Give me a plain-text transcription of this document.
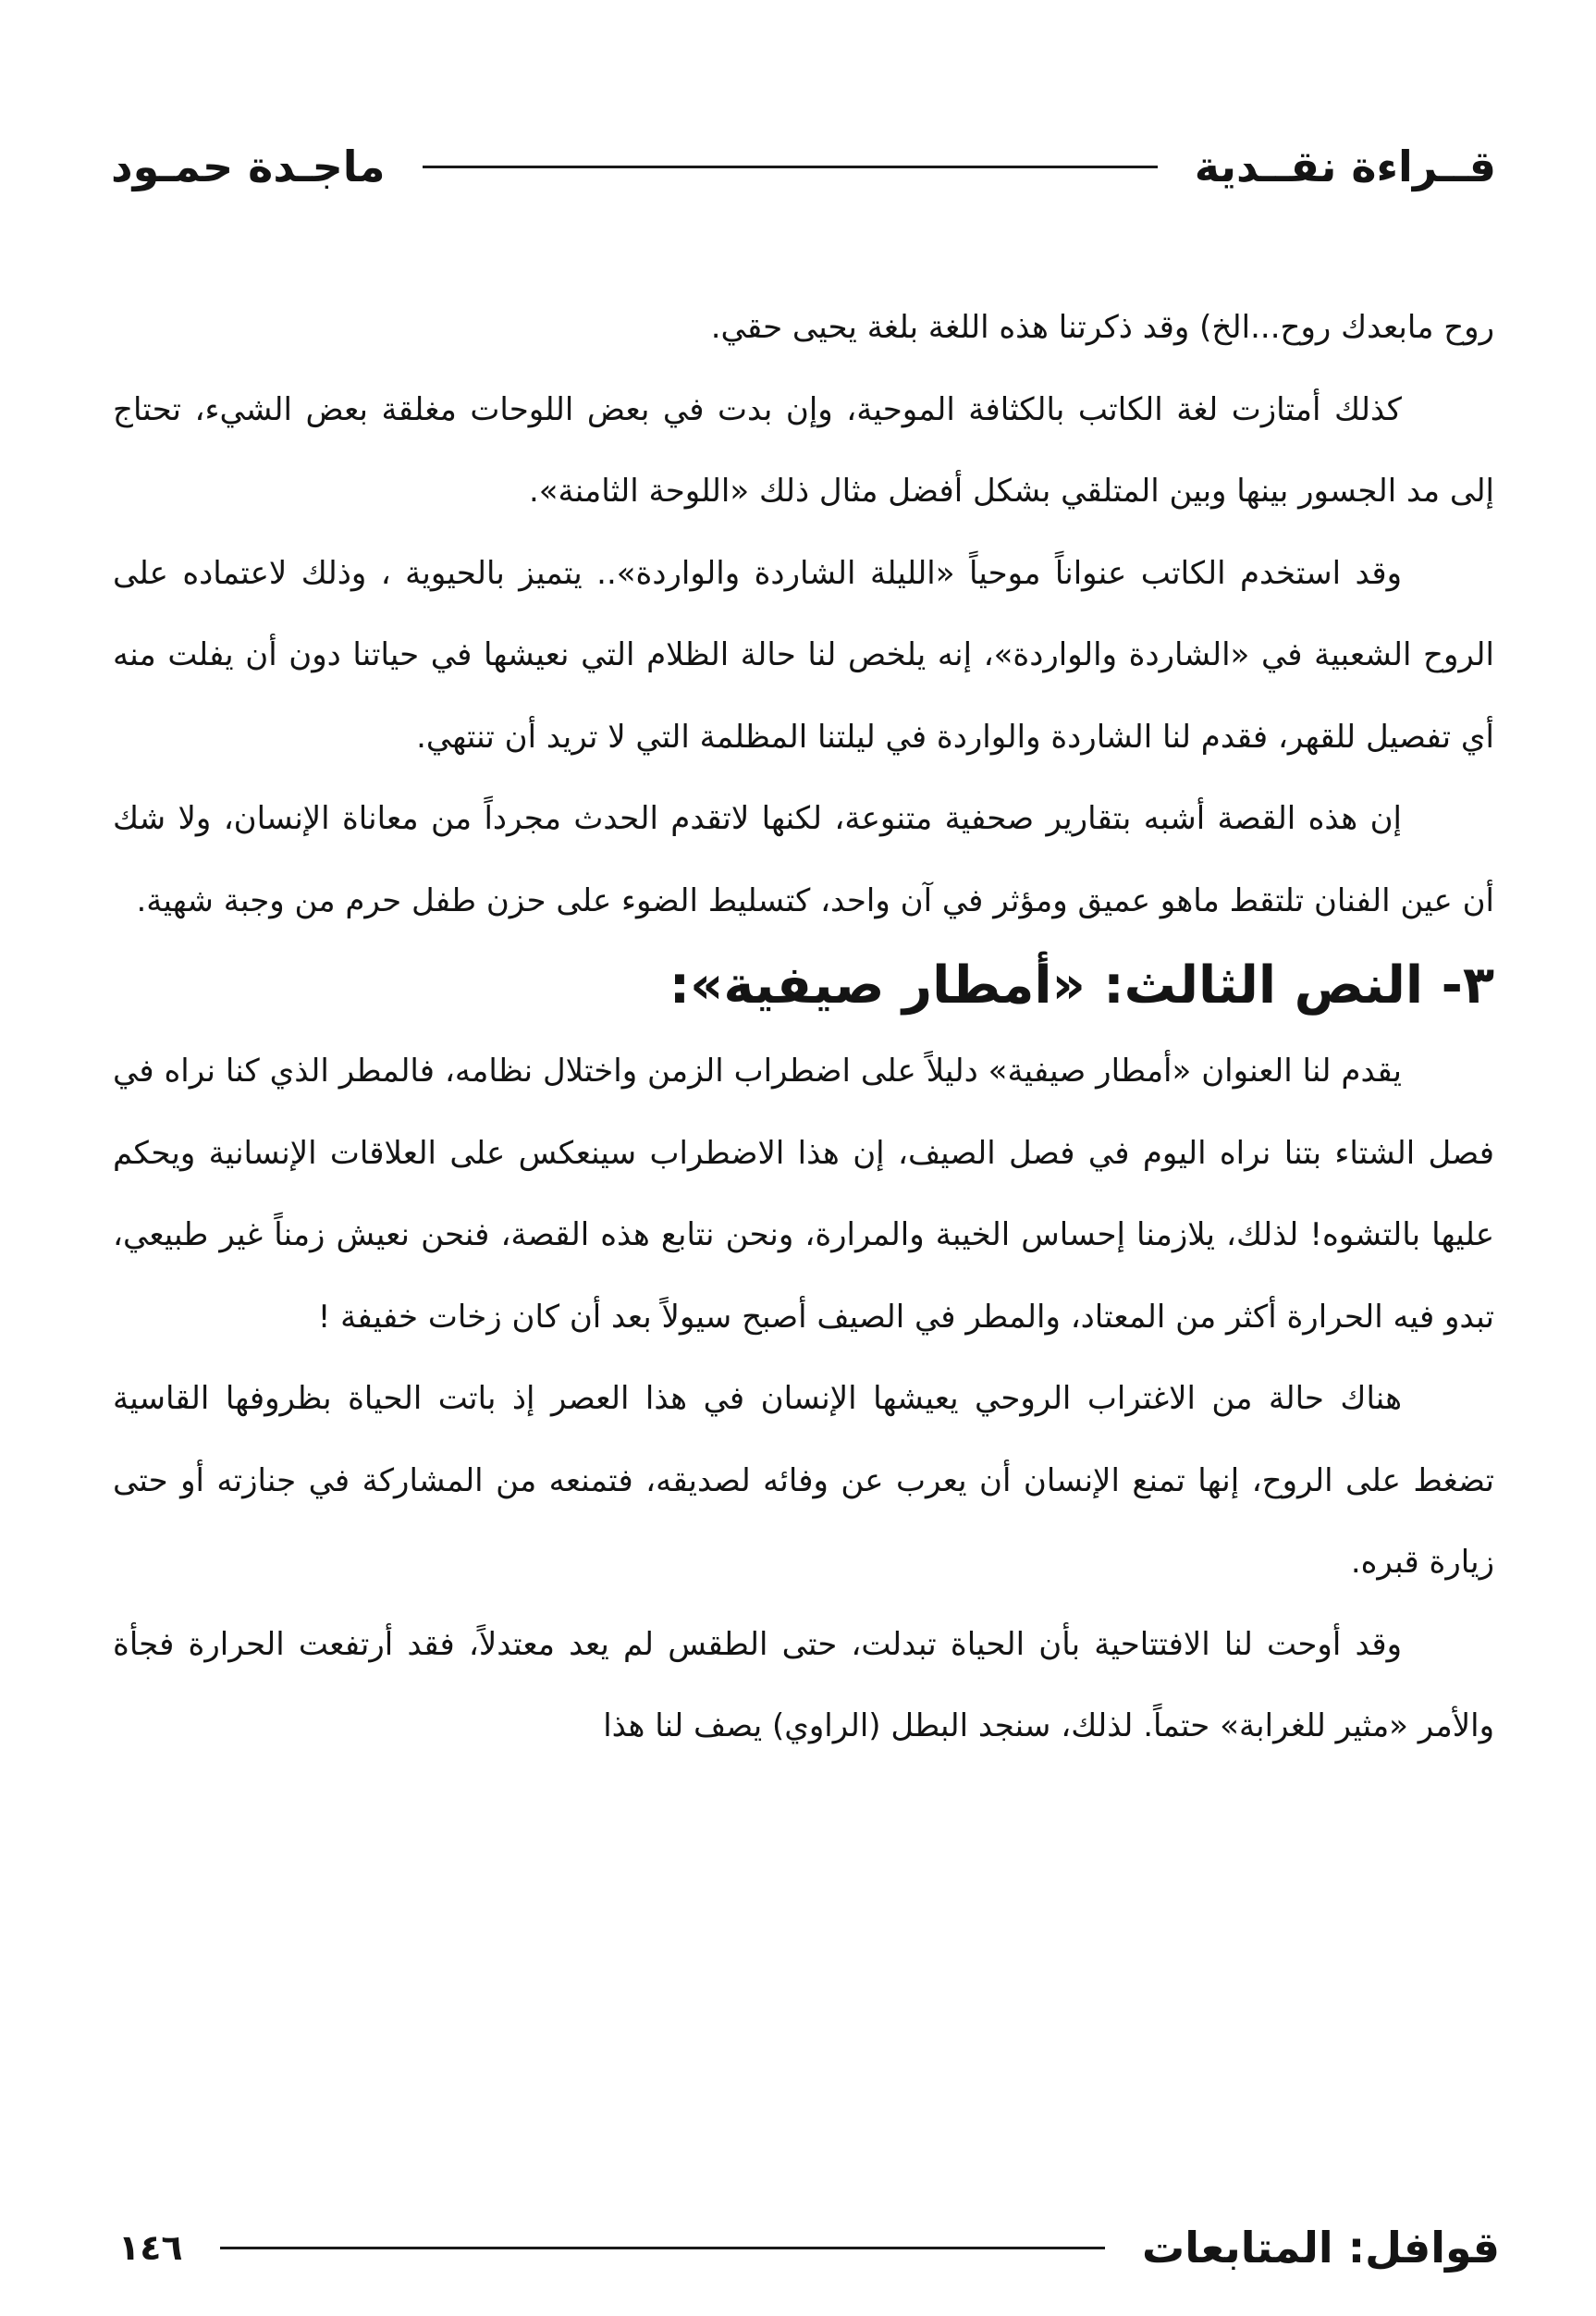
قــراءة نقــدية
ماجـدة حمـود

روح مابعدك روح...الخ) وقد ذكرتنا هذه اللغة بلغة يحيى حقي.

كذلك أمتازت لغة الكاتب بالكثافة الموحية، وإن بدت في بعض اللوحات مغلقة بعض الشيء، تحتاج إلى مد الجسور بينها وبين المتلقي بشكل أفضل مثال ذلك «اللوحة الثامنة».

وقد استخدم الكاتب عنواناً موحياً «الليلة الشاردة والواردة».. يتميز بالحيوية ، وذلك لاعتماده على الروح الشعبية في «الشاردة والواردة»، إنه يلخص لنا حالة الظلام التي نعيشها في حياتنا دون أن يفلت منه أي تفصيل للقهر، فقدم لنا الشاردة والواردة في ليلتنا المظلمة التي لا تريد أن تنتهي.

إن هذه القصة أشبه بتقارير صحفية متنوعة، لكنها لاتقدم الحدث مجرداً من معاناة الإنسان، ولا شك أن عين الفنان تلتقط ماهو عميق ومؤثر في آن واحد، كتسليط الضوء على حزن طفل حرم من وجبة شهية.

٣- النص الثالث: «أمطار صيفية»:

يقدم لنا العنوان «أمطار صيفية» دليلاً على اضطراب الزمن واختلال نظامه، فالمطر الذي كنا نراه في فصل الشتاء بتنا نراه اليوم في فصل الصيف، إن هذا الاضطراب سينعكس على العلاقات الإنسانية ويحكم عليها بالتشوه! لذلك، يلازمنا إحساس الخيبة والمرارة، ونحن نتابع هذه القصة، فنحن نعيش زمناً غير طبيعي، تبدو فيه الحرارة أكثر من المعتاد، والمطر في الصيف أصبح سيولاً بعد أن كان زخات خفيفة !

هناك حالة من الاغتراب الروحي يعيشها الإنسان في هذا العصر إذ باتت الحياة بظروفها القاسية تضغط على الروح، إنها تمنع الإنسان أن يعرب عن وفائه لصديقه، فتمنعه من المشاركة في جنازته أو حتى زيارة قبره.

وقد أوحت لنا الافتتاحية بأن الحياة تبدلت، حتى الطقس لم يعد معتدلاً، فقد أرتفعت الحرارة فجأة والأمر «مثير للغرابة» حتماً. لذلك، سنجد البطل (الراوي) يصف لنا هذا

قوافل: المتابعات
١٤٦
